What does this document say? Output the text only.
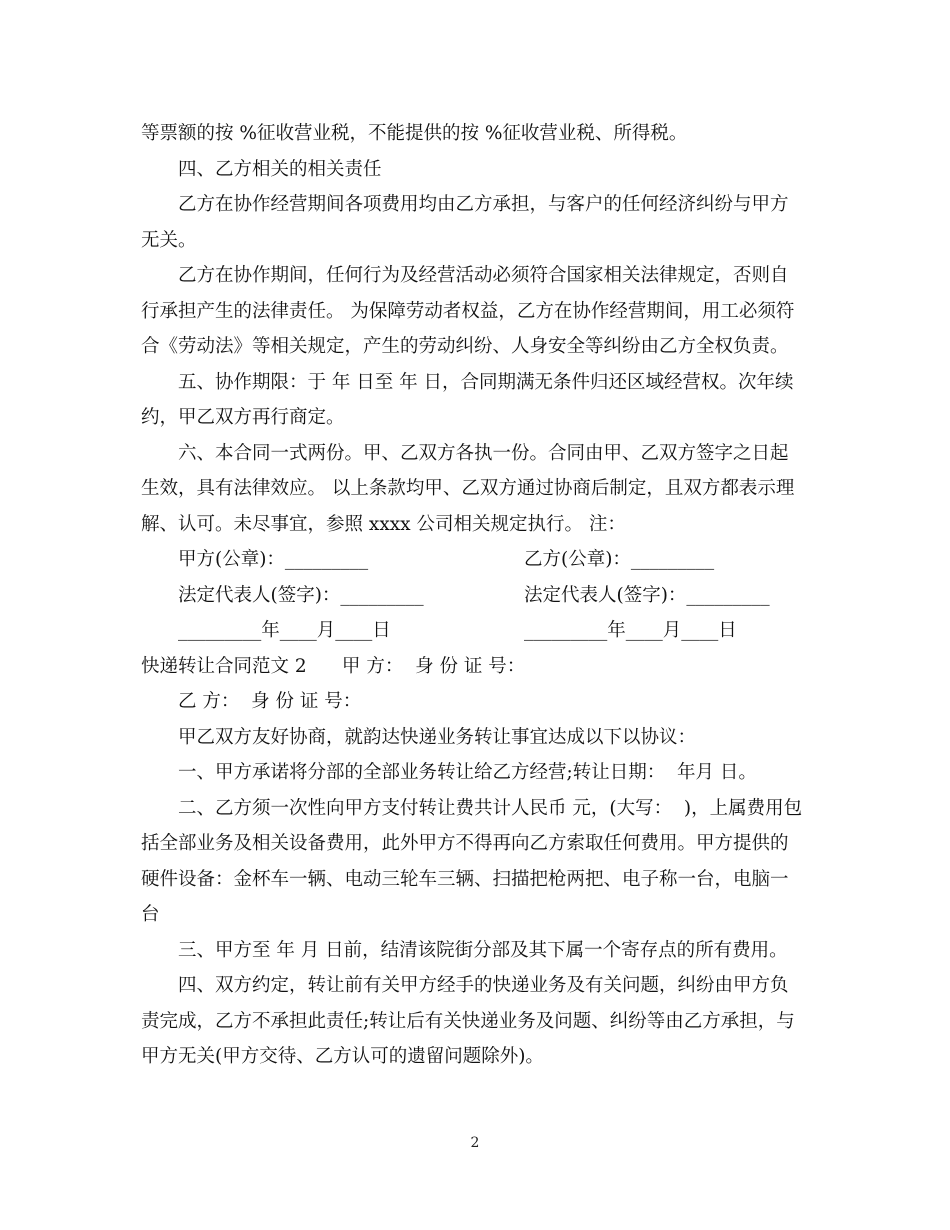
等票额的按 %征收营业税，不能提供的按 %征收营业税、所得税。

四、乙方相关的相关责任

乙方在协作经营期间各项费用均由乙方承担，与客户的任何经济纠纷与甲方无关。

乙方在协作期间，任何行为及经营活动必须符合国家相关法律规定，否则自行承担产生的法律责任。 为保障劳动者权益，乙方在协作经营期间，用工必须符合《劳动法》等相关规定，产生的劳动纠纷、人身安全等纠纷由乙方全权负责。

五、协作期限：于 年 日至 年 日，合同期满无条件归还区域经营权。次年续约，甲乙双方再行商定。

六、本合同一式两份。甲、乙双方各执一份。合同由甲、乙双方签字之日起生效，具有法律效应。 以上条款均甲、乙双方通过协商后制定，且双方都表示理解、认可。未尽事宜，参照 xxxx 公司相关规定执行。 注：

甲方(公章)：_________	乙方(公章)：_________
法定代表人(签字)：_________	法定代表人(签字)：_________
_________年____月____日	_________年____月____日

快递转让合同范文 2      甲 方：  身 份 证 号：

乙 方：  身 份 证 号：

甲乙双方友好协商，就韵达快递业务转让事宜达成以下以协议：

一、甲方承诺将分部的全部业务转让给乙方经营;转让日期：  年月 日。

二、乙方须一次性向甲方支付转让费共计人民币 元，(大写：  )，上属费用包括全部业务及相关设备费用，此外甲方不得再向乙方索取任何费用。甲方提供的硬件设备：金杯车一辆、电动三轮车三辆、扫描把枪两把、电子称一台，电脑一台

三、甲方至 年 月 日前，结清该院街分部及其下属一个寄存点的所有费用。

四、双方约定，转让前有关甲方经手的快递业务及有关问题，纠纷由甲方负责完成，乙方不承担此责任;转让后有关快递业务及问题、纠纷等由乙方承担，与甲方无关(甲方交待、乙方认可的遗留问题除外)。

2
